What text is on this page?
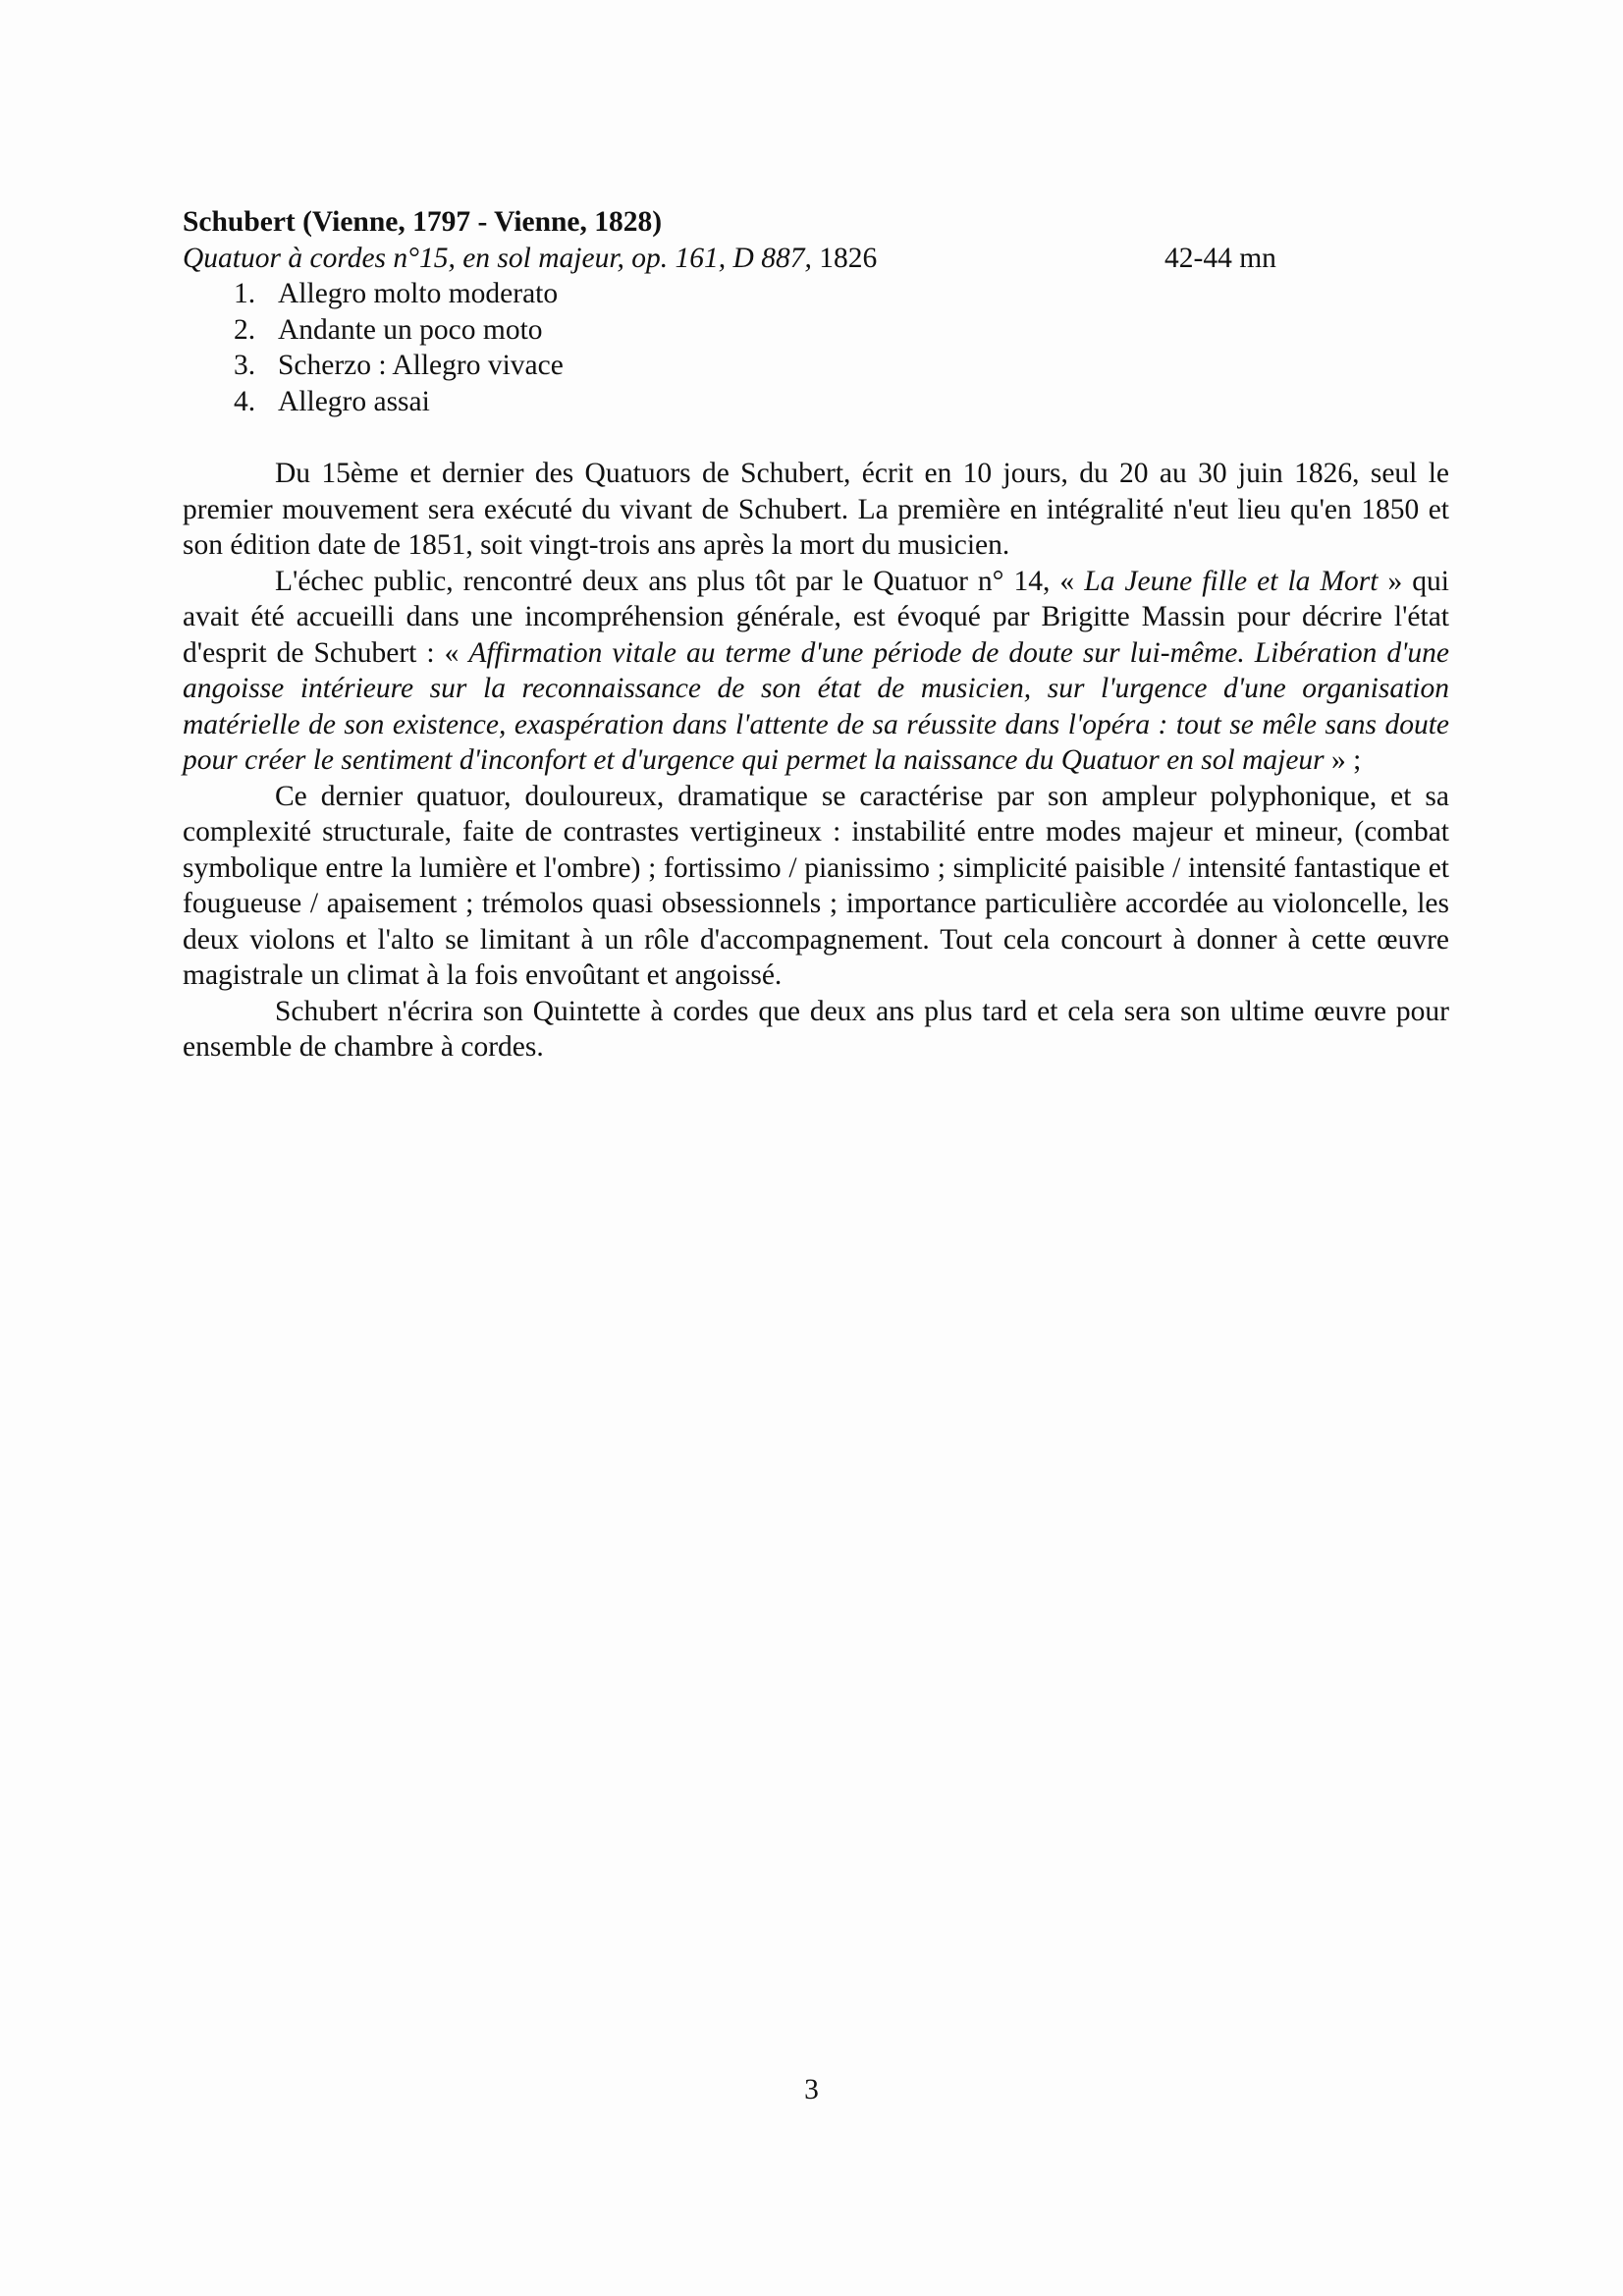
Schubert (Vienne, 1797 - Vienne, 1828)

Quatuor à cordes n°15, en sol majeur, op. 161, D 887, 1826	42-44 mn

1. Allegro molto moderato
2. Andante un poco moto
3. Scherzo : Allegro vivace
4. Allegro assai

Du 15ème et dernier des Quatuors de Schubert, écrit en 10 jours, du 20 au 30 juin 1826, seul le premier mouvement sera exécuté du vivant de Schubert. La première en intégralité n'eut lieu qu'en 1850 et son édition date de 1851, soit vingt-trois ans après la mort du musicien.

L'échec public, rencontré deux ans plus tôt par le Quatuor n° 14, « La Jeune fille et la Mort » qui avait été accueilli dans une incompréhension générale, est évoqué par Brigitte Massin pour décrire l'état d'esprit de Schubert : « Affirmation vitale au terme d'une période de doute sur lui-même. Libération d'une angoisse intérieure sur la reconnaissance de son état de musicien, sur l'urgence d'une organisation matérielle de son existence, exaspération dans l'attente de sa réussite dans l'opéra : tout se mêle sans doute pour créer le sentiment d'inconfort et d'urgence qui permet la naissance du Quatuor en sol majeur » ;

Ce dernier quatuor, douloureux, dramatique se caractérise par son ampleur polyphonique, et sa complexité structurale, faite de contrastes vertigineux : instabilité entre modes majeur et mineur, (combat symbolique entre la lumière et l'ombre) ; fortissimo / pianissimo ; simplicité paisible / intensité fantastique et fougueuse / apaisement ; trémolos quasi obsessionnels ; importance particulière accordée au violoncelle, les deux violons et l'alto se limitant à un rôle d'accompagnement. Tout cela concourt à donner à cette œuvre magistrale un climat à la fois envoûtant et angoissé.

Schubert n'écrira son Quintette à cordes que deux ans plus tard et cela sera son ultime œuvre pour ensemble de chambre à cordes.

3
